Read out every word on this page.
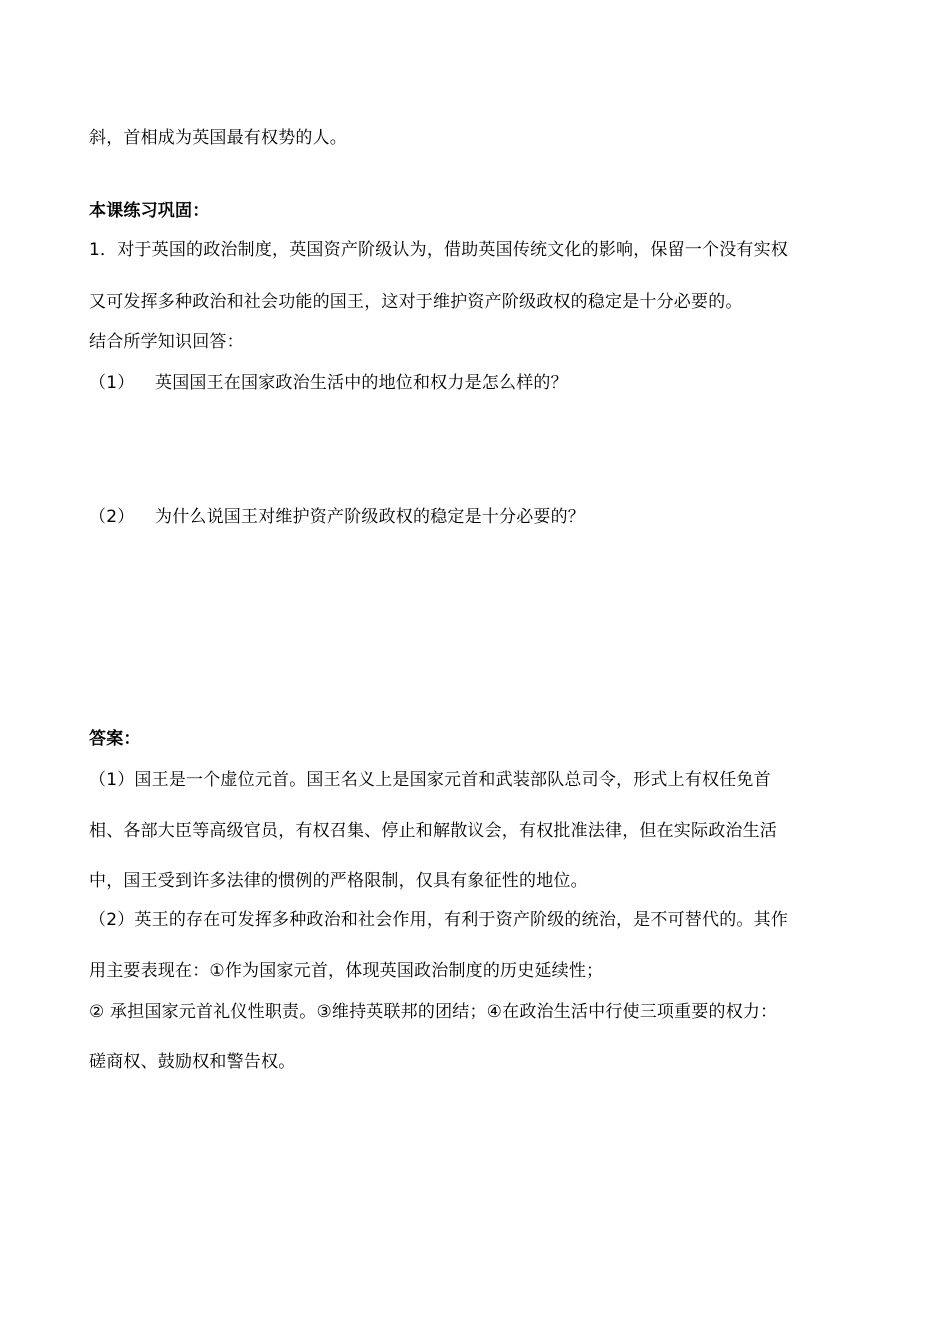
斜，首相成为英国最有权势的人。
本课练习巩固：
1．对于英国的政治制度，英国资产阶级认为，借助英国传统文化的影响，保留一个没有实权
又可发挥多种政治和社会功能的国王，这对于维护资产阶级政权的稳定是十分必要的。
结合所学知识回答：
（1） 英国国王在国家政治生活中的地位和权力是怎么样的？
（2） 为什么说国王对维护资产阶级政权的稳定是十分必要的？
答案：
（1）国王是一个虚位元首。国王名义上是国家元首和武装部队总司令，形式上有权任免首
相、各部大臣等高级官员，有权召集、停止和解散议会，有权批准法律，但在实际政治生活
中，国王受到许多法律的惯例的严格限制，仅具有象征性的地位。
（2）英王的存在可发挥多种政治和社会作用，有利于资产阶级的统治，是不可替代的。其作
用主要表现在：①作为国家元首，体现英国政治制度的历史延续性；
② 承担国家元首礼仪性职责。③维持英联邦的团结；④在政治生活中行使三项重要的权力：
磋商权、鼓励权和警告权。
